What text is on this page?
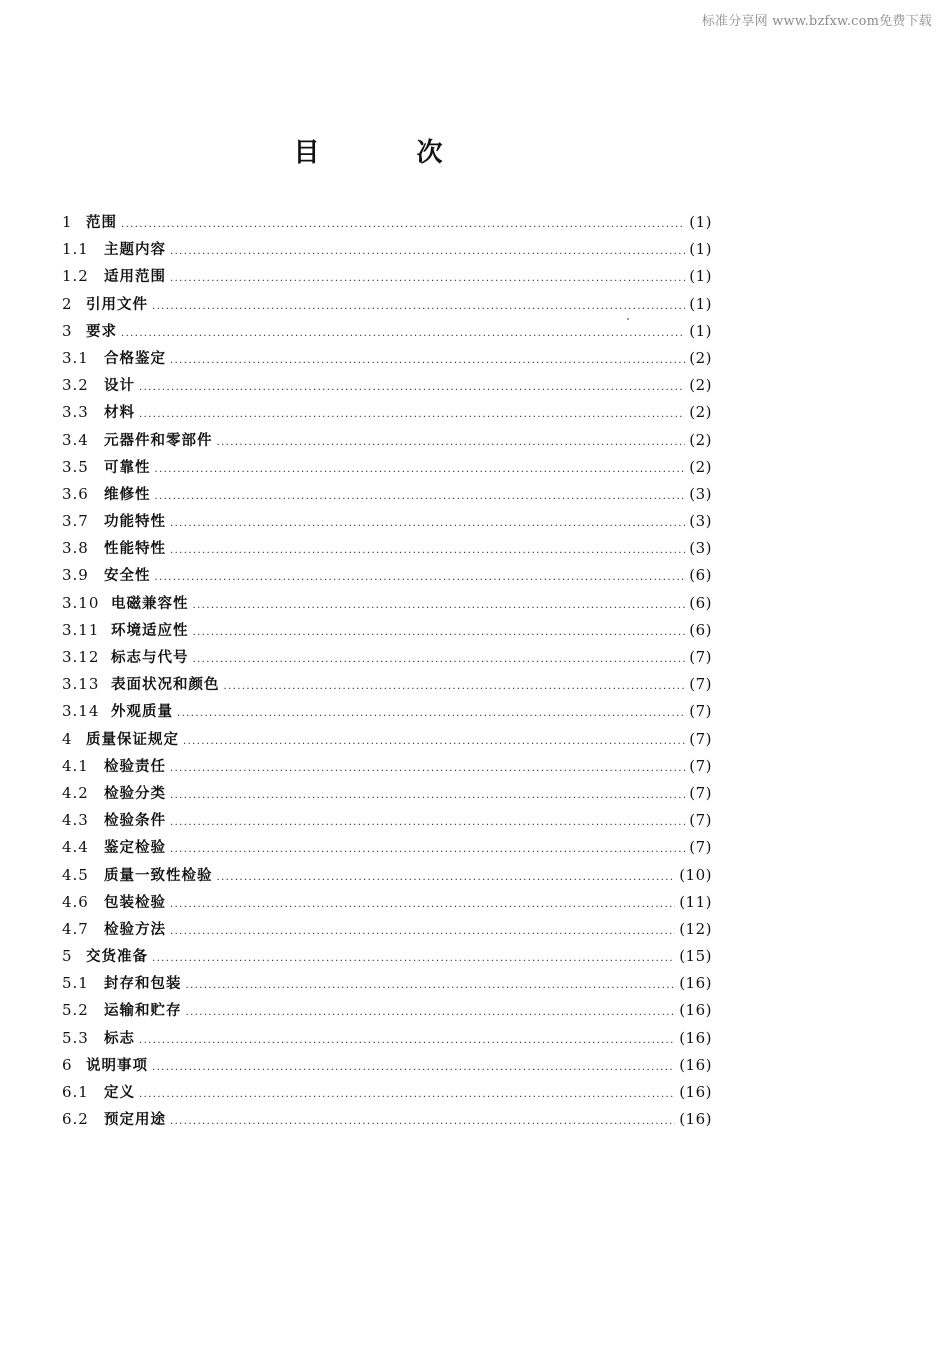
标准分享网 www.bzfxw.com免费下载
目 次
1 范围 .....	(1)
1.1	主题内容 .....	(1)
1.2	适用范围 .....	(1)
2 引用文件 .....	(1)
3 要求 .....	(1)
3.1	合格鉴定 .....	(2)
3.2	设计 .....	(2)
3.3	材料 .....	(2)
3.4	元器件和零部件 .....	(2)
3.5	可靠性 .....	(2)
3.6	维修性 .....	(3)
3.7	功能特性 .....	(3)
3.8	性能特性 .....	(3)
3.9	安全性 .....	(6)
3.10 电磁兼容性 .....	(6)
3.11 环境适应性 .....	(6)
3.12 标志与代号 .....	(7)
3.13 表面状况和颜色 .....	(7)
3.14 外观质量 .....	(7)
4 质量保证规定 .....	(7)
4.1	检验责任 .....	(7)
4.2	检验分类 .....	(7)
4.3	检验条件 .....	(7)
4.4	鉴定检验 .....	(7)
4.5	质量一致性检验 .....	(10)
4.6	包装检验 .....	(11)
4.7	检验方法 .....	(12)
5 交货准备 .....	(15)
5.1	封存和包装 .....	(16)
5.2	运输和贮存 .....	(16)
5.3	标志 .....	(16)
6 说明事项 .....	(16)
6.1	定义 .....	(16)
6.2	预定用途 .....	(16)
